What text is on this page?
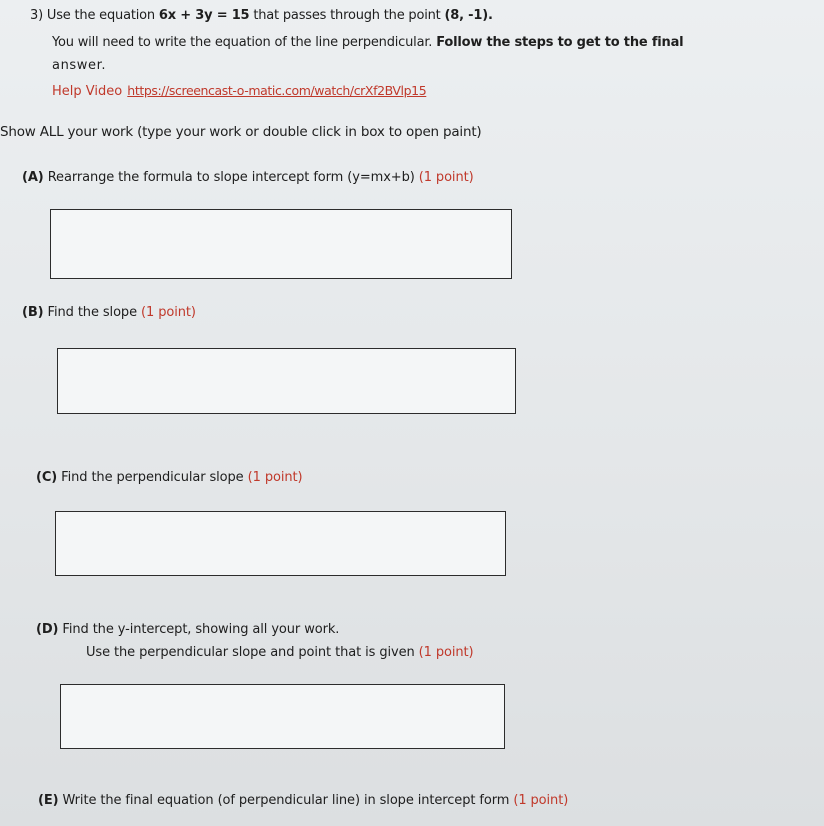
3) Use the equation 6x + 3y = 15 that passes through the point (8, -1).
You will need to write the equation of the line perpendicular. Follow the steps to get to the final
answer.
Help Video https://screencast-o-matic.com/watch/crXf2BVlp15
Show ALL your work (type your work or double click in box to open paint)
(A) Rearrange the formula to slope intercept form (y=mx+b) (1 point)
(B) Find the slope (1 point)
(C) Find the perpendicular slope (1 point)
(D) Find the y-intercept, showing all your work.
Use the perpendicular slope and point that is given (1 point)
(E) Write the final equation (of perpendicular line) in slope intercept form (1 point)
